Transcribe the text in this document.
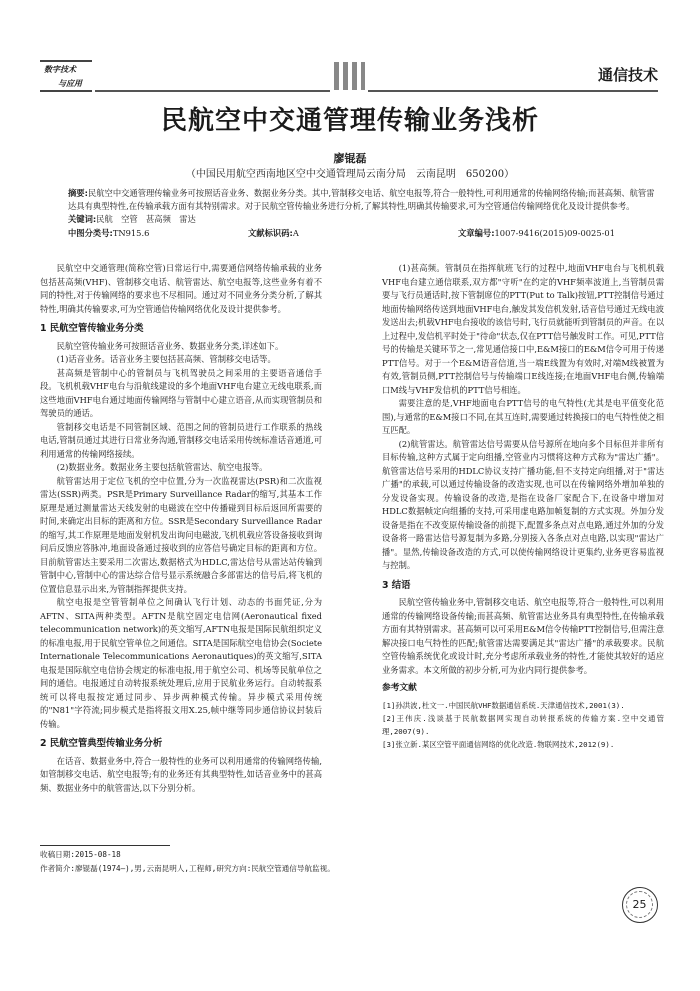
数字技术
与应用	通信技术
民航空中交通管理传输业务浅析
廖锟磊
（中国民用航空西南地区空中交通管理局云南分局　云南昆明　650200）
摘要:民航空中交通管理传输业务可按照话音业务、数据业务分类。其中,管制移交电话、航空电报等,符合一般特性,可利用通常的传输网络传输;而甚高频、航管雷达具有典型特性,在传输承载方面有其特别需求。对于民航空管传输业务进行分析,了解其特性,明确其传输要求,可为空管通信传输网络优化及设计提供参考。
关键词:民航　空管　甚高频　雷达
中图分类号:TN915.6	文献标识码:A	文章编号:1007-9416(2015)09-0025-01

民航空中交通管理(简称空管)日常运行中,需要通信网络传输承载的业务包括甚高频(VHF)、管制移交电话、航管雷达、航空电报等,这些业务有着不同的特性,对于传输网络的要求也不尽相同。通过对不同业务分类分析,了解其特性,明确其传输要求,可为空管通信传输网络优化及设计提供参考。

1 民航空管传输业务分类

民航空管传输业务可按照话音业务、数据业务分类,详述如下。

(1)话音业务。话音业务主要包括甚高频、管制移交电话等。

甚高频是管制中心的管制员与飞机驾驶员之间采用的主要语音通信手段。飞机机载VHF电台与沿航线建设的多个地面VHF电台建立无线电联系,而这些地面VHF电台通过地面传输网络与管制中心建立语音,从而实现管制员和驾驶员的通话。

管制移交电话是不同管制区域、范围之间的管制员进行工作联系的热线电话,管制员通过其进行日常业务沟通,管制移交电话采用传统标准话音通道,可利用通常的传输网络接续。

(2)数据业务。数据业务主要包括航管雷达、航空电报等。

航管雷达用于定位飞机的空中位置,分为一次监视雷达(PSR)和二次监视雷达(SSR)两类。PSR是Primary Surveillance Radar的缩写,其基本工作原理是通过测量雷达天线发射的电磁波在空中传播碰到目标后返回所需要的时间,来确定出目标的距离和方位。SSR是Secondary Surveillance Radar的缩写,其工作原理是地面发射机发出询问电磁波,飞机机载应答设备接收到询问后反馈应答脉冲,地面设备通过接收到的应答信号确定目标的距离和方位。目前航管雷达主要采用二次雷达,数据格式为HDLC,雷达信号从雷达站传输到管制中心,管制中心的雷达综合信号显示系统融合多部雷达的信号后,将飞机的位置信息显示出来,为管制指挥提供支持。

航空电报是空管管制单位之间确认飞行计划、动态的书面凭证,分为AFTN、SITA两种类型。AFTN是航空固定电信网(Aeronautical fixed telecommunication network)的英文缩写,AFTN电报是国际民航组织定义的标准电报,用于民航空管单位之间通信。SITA是国际航空电信协会(Societe Internationale Telecommunications Aeronautiques)的英文缩写,SITA电报是国际航空电信协会规定的标准电报,用于航空公司、机场等民航单位之间的通信。电报通过自动转报系统处理后,应用于民航业务运行。自动转报系统可以将电报按定通过同步、异步两种模式传输。异步模式采用传统的"N81"字符流;同步模式是指将报文用X.25,帧中继等同步通信协议封装后传输。

2 民航空管典型传输业务分析

在话音、数据业务中,符合一般特性的业务可以利用通常的传输网络传输,如管制移交电话、航空电报等;有的业务还有其典型特性,如话音业务中的甚高频、数据业务中的航管雷达,以下分别分析。

(1)甚高频。管制员在指挥航班飞行的过程中,地面VHF电台与飞机机载VHF电台建立通信联系,双方都"守听"在约定的VHF频率波道上,当管制员需要与飞行员通话时,按下管制席位的PTT(Put to Talk)按钮,PTT控制信号通过地面传输网络传送到地面VHF电台,触发其发信机发射,话音信号通过无线电波发送出去;机载VHF电台接收的该信号时,飞行员就能听到管制员的声音。在以上过程中,发信机平时处于"待命"状态,仅在PTT信号触发时工作。可见,PTT信号的传输是关键环节之一,常见通信接口中,E&M接口的E&M信令可用于传递PTT信号。对于一个E&M语音信道,当一端E线置为有效时,对端M线被置为有效,管制员侧,PTT控制信号与传输端口E线连接;在地面VHF电台侧,传输端口M线与VHF发信机的PTT信号相连。

需要注意的是,VHF地面电台PTT信号的电气特性(尤其是电平值变化范围),与通常的E&M接口不同,在其互连时,需要通过转换接口的电气特性使之相互匹配。

(2)航管雷达。航管雷达信号需要从信号源所在地向多个目标但并非所有目标传输,这种方式属于定向组播,空管业内习惯将这种方式称为"雷达广播"。航管雷达信号采用的HDLC协议支持广播功能,但不支持定向组播,对于"雷达广播"的承载,可以通过传输设备的改造实现,也可以在传输网络外增加单独的分发设备实现。传输设备的改造,是指在设备厂家配合下,在设备中增加对HDLC数据帧定向组播的支持,可采用虚电路加帧复制的方式实现。外加分发设备是指在不改变原传输设备的前提下,配置多条点对点电路,通过外加的分发设备将一路雷达信号源复制为多路,分别接入各条点对点电路,以实现"雷达广播"。显然,传输设备改造的方式,可以使传输网络设计更集约,业务更容易监视与控制。

3 结语

民航空管传输业务中,管制移交电话、航空电报等,符合一般特性,可以利用通常的传输网络设备传输;而甚高频、航管雷达业务具有典型特性,在传输承载方面有其特别需求。甚高频可以可采用E&M信令传输PTT控制信号,但需注意解决接口电气特性的匹配;航管雷达需要满足其"雷达广播"的承载要求。民航空管传输系统优化或设计时,充分考虑所承载业务的特性,才能使其较好的适应业务需求。本文所做的初步分析,可为业内同行提供参考。

参考文献
[1]孙洪波,杜文一.中国民航VHF数据通信系统.天津通信技术,2001(3).
[2]王伟庆.浅谈基于民航数据网实现自动转报系统的传输方案.空中交通管理,2007(9).
[3]张立新.某区空管平面通信网络的优化改造.物联网技术,2012(9).
收稿日期:2015-08-18
作者简介:廖锟磊(1974—),男,云南昆明人,工程师,研究方向:民航空管通信导航监视。
25
